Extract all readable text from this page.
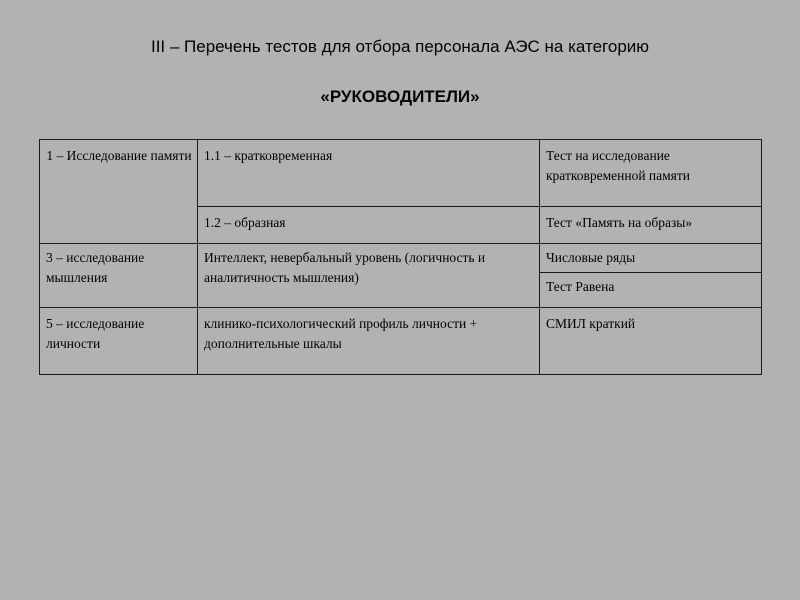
III – Перечень тестов для отбора персонала АЭС на категорию
«РУКОВОДИТЕЛИ»
1 – Исследование памяти	1.1 – кратковременная	Тест на исследование кратковременной памяти
	1.2 – образная	Тест «Память на образы»
3 – исследование мышления	Интеллект, невербальный уровень (логичность и аналитичность мышления)	Числовые ряды
		Тест Равена
5 – исследование личности	клинико-психологический профиль личности + дополнительные шкалы	СМИЛ краткий
